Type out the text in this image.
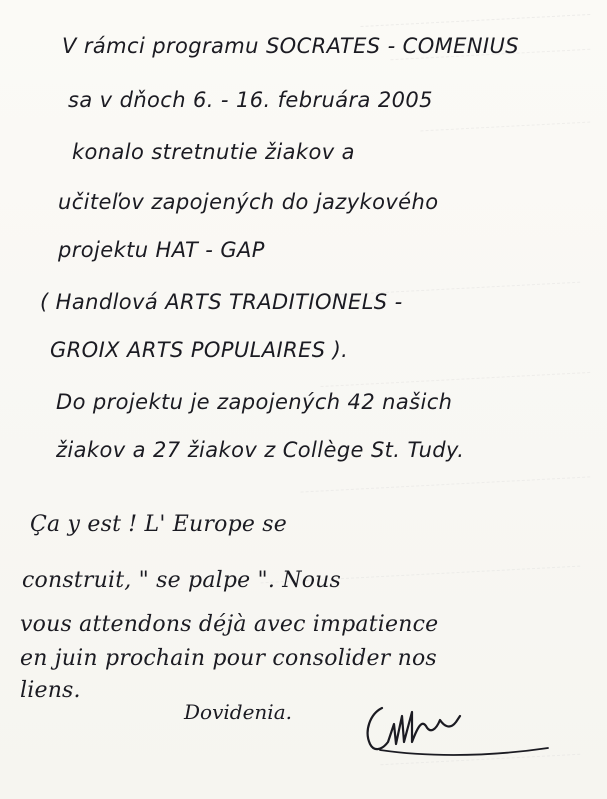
V rámci programu SOCRATES - COMENIUS
sa v dňoch 6. - 16. februára 2005
konalo stretnutie žiakov a
učiteľov zapojených do jazykového
projektu HAT - GAP
( Handlová ARTS TRADITIONELS -
GROIX ARTS POPULAIRES ).
Do projektu je zapojených 42 našich
žiakov a 27 žiakov z Collège St. Tudy.
Ça y est ! L' Europe se
construit, " se palpe ". Nous
vous attendons déjà avec impatience
en juin prochain pour consolider nos
liens.
Dovidenia.
